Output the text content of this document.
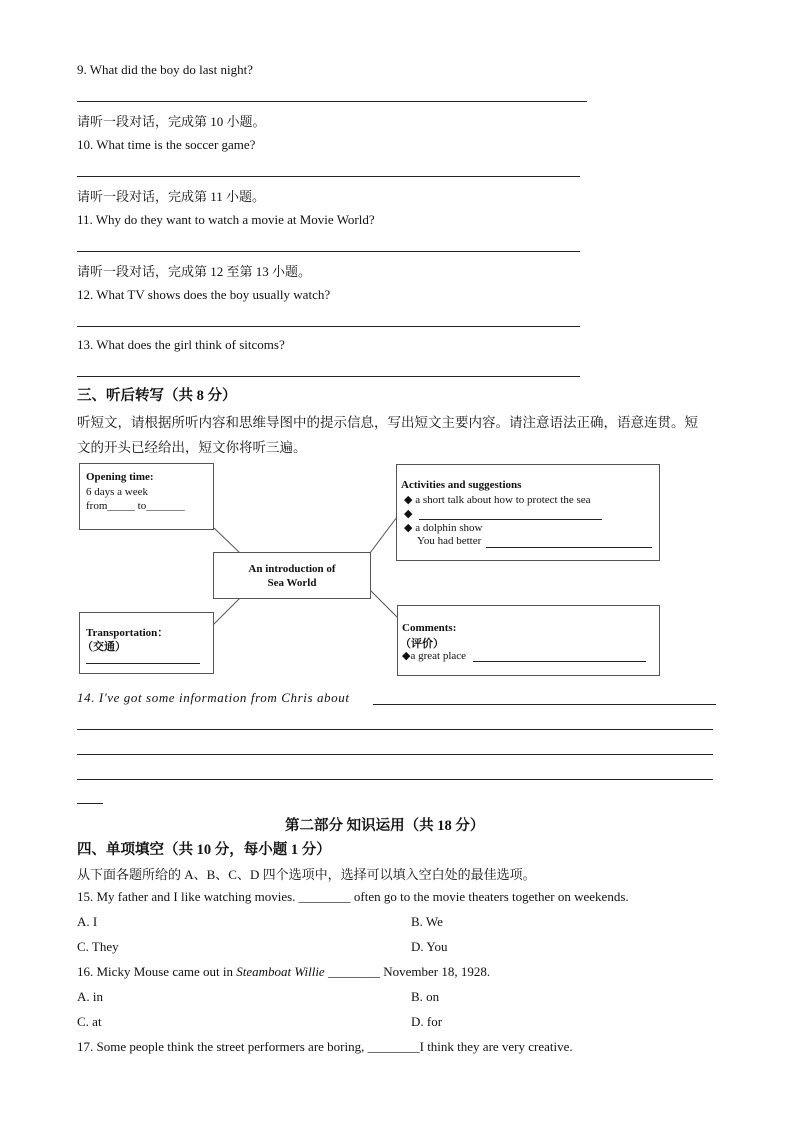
9. What did the boy do last night?
请听一段对话，完成第 10 小题。
10. What time is the soccer game?
请听一段对话，完成第 11 小题。
11. Why do they want to watch a movie at Movie World?
请听一段对话，完成第 12 至第 13 小题。
12. What TV shows does the boy usually watch?
13. What does the girl think of sitcoms?
三、听后转写（共 8 分）
听短文，请根据所听内容和思维导图中的提示信息，写出短文主要内容。请注意语法正确，语意连贯。短
文的开头已经给出，短文你将听三遍。
Opening time:
6 days a week
from_____ to_______
Activities and suggestions
◆ a short talk about how to protect the sea
◆
◆ a dolphin show
You had better
An introduction of
Sea World
Transportation：
（交通）
Comments:
（评价）
◆a great place
14. I've got some information from Chris about
第二部分 知识运用（共 18 分）
四、单项填空（共 10 分，每小题 1 分）
从下面各题所给的 A、B、C、D 四个选项中，选择可以填入空白处的最佳选项。
15. My father and I like watching movies. ________ often go to the movie theaters together on weekends.
A. I	B. We
C. They	D. You
16. Micky Mouse came out in Steamboat Willie ________ November 18, 1928.
A. in	B. on
C. at	D. for
17. Some people think the street performers are boring, ________I think they are very creative.
